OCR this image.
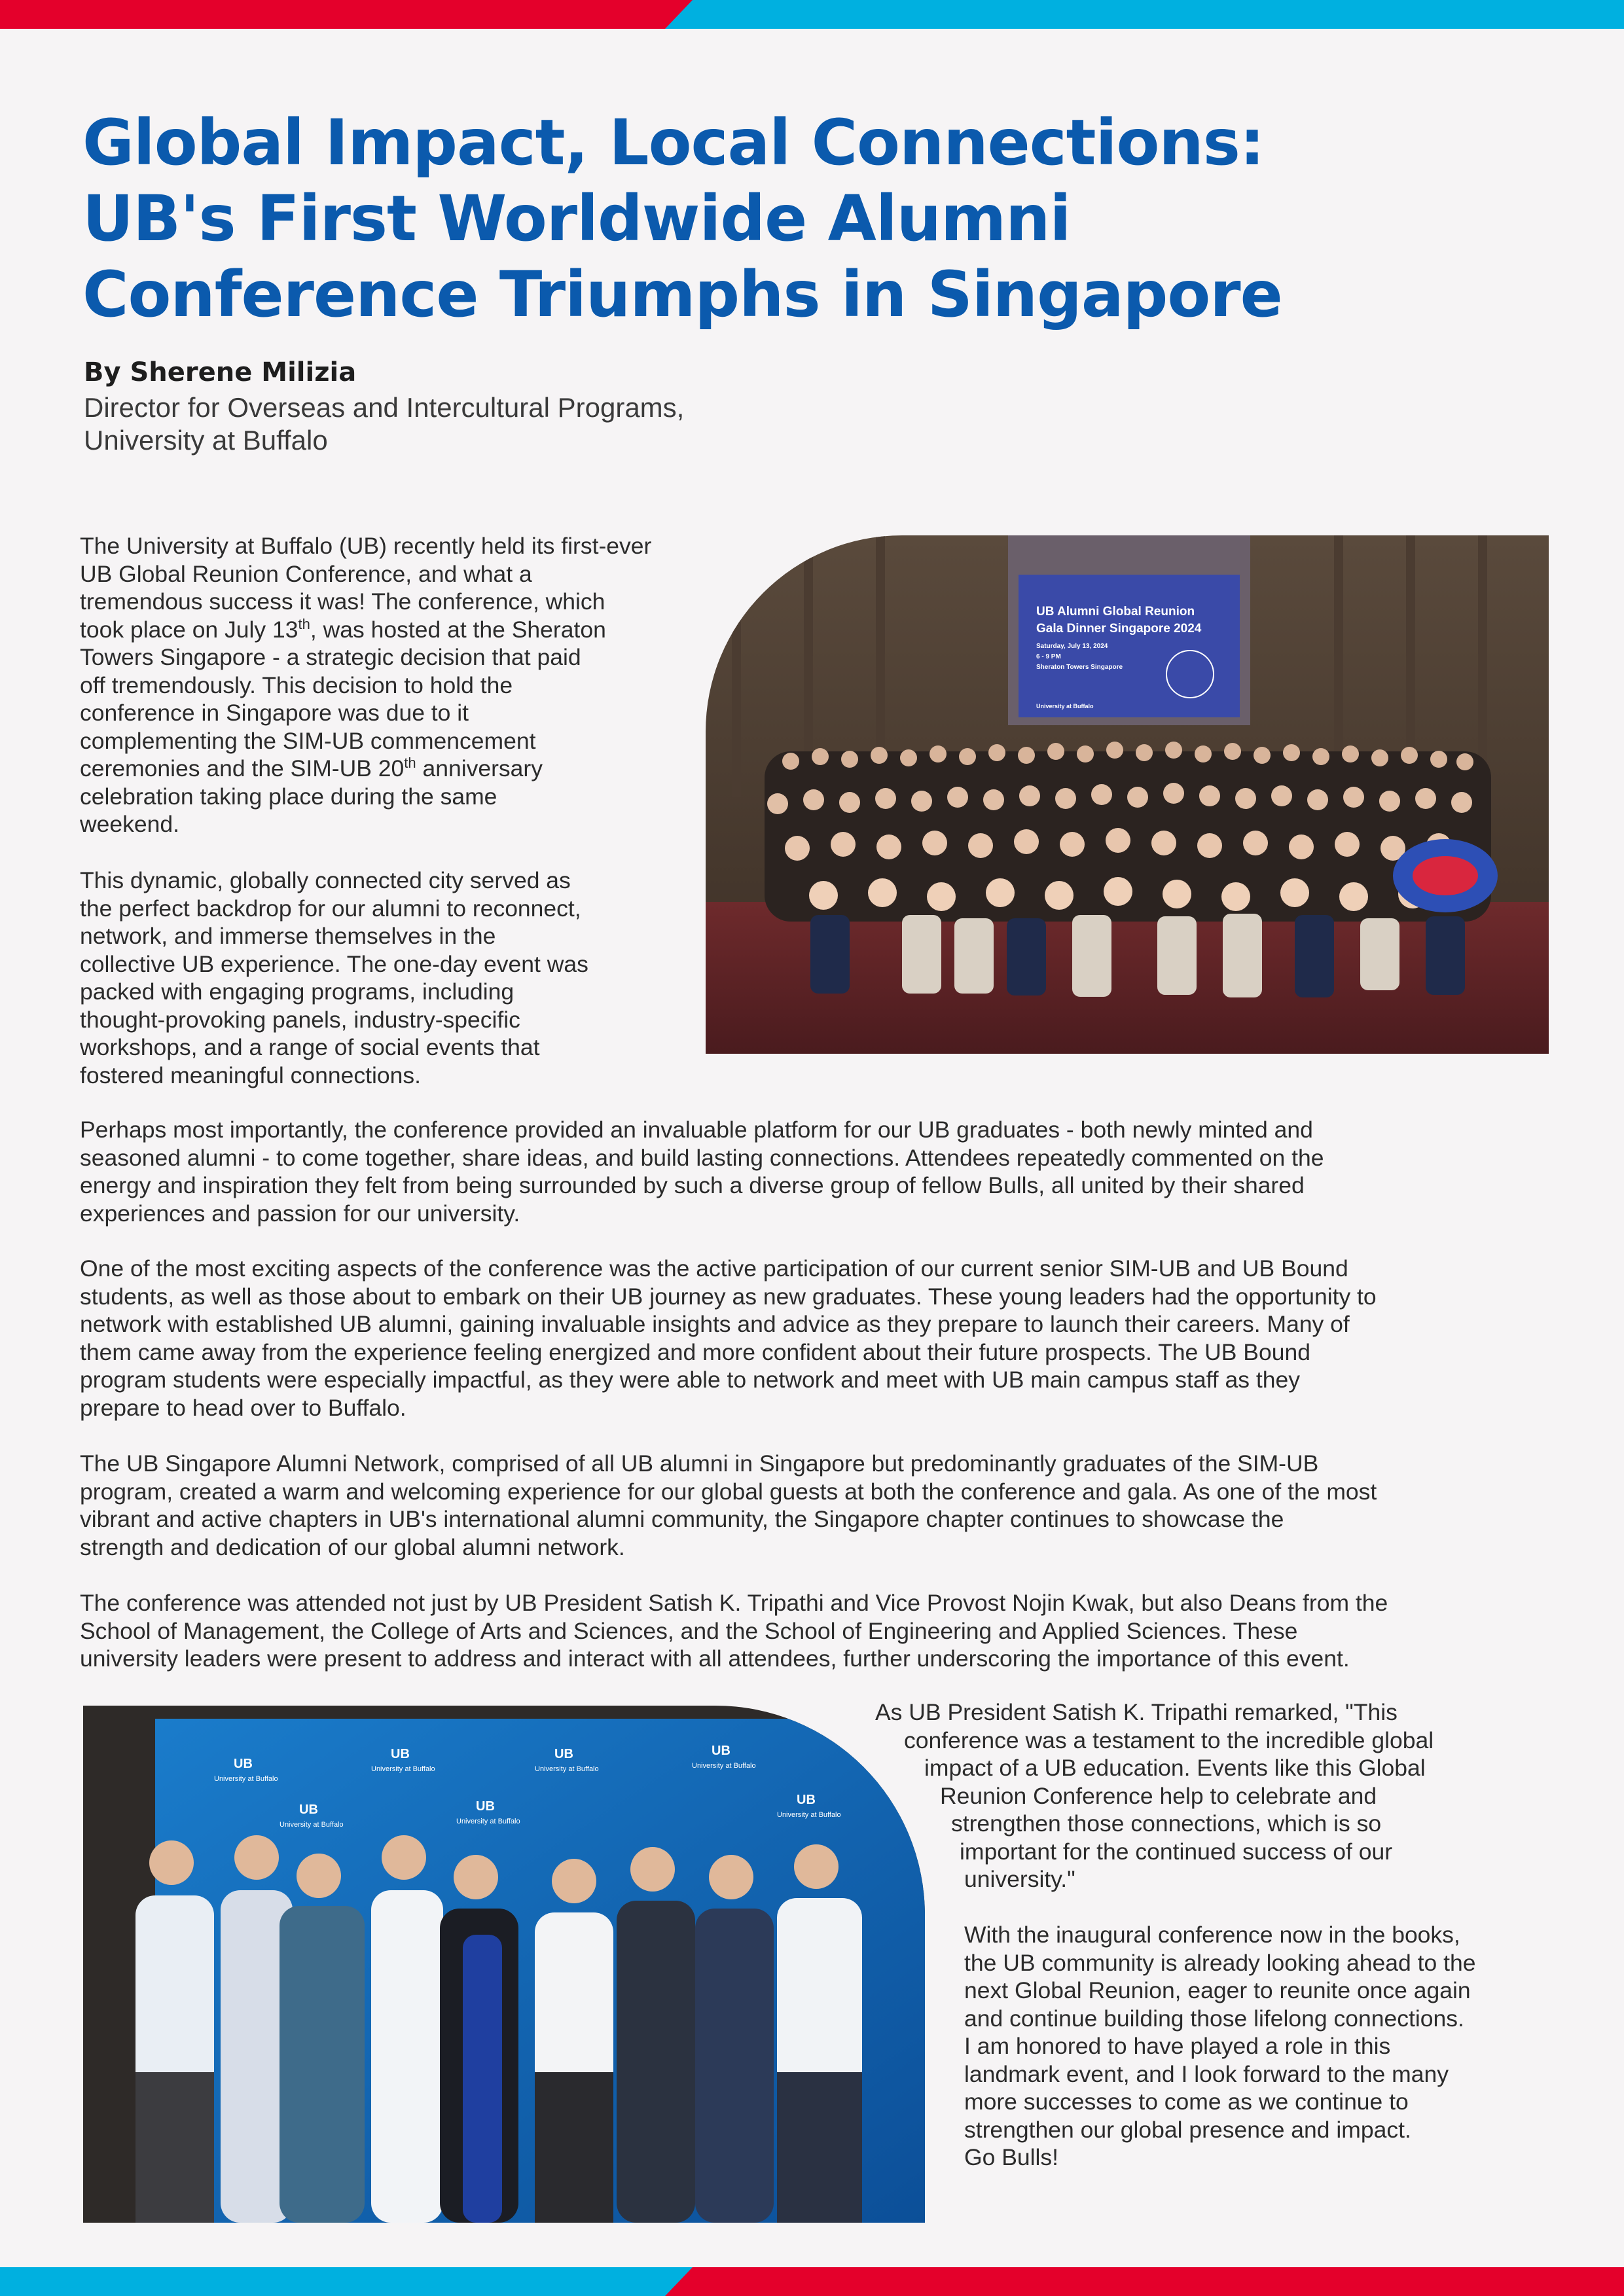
Global Impact, Local Connections:
UB's First Worldwide Alumni
Conference Triumphs in Singapore
By Sherene Milizia
Director for Overseas and Intercultural Programs,
University at Buffalo
The University at Buffalo (UB) recently held its first-ever
UB Global Reunion Conference, and what a
tremendous success it was! The conference, which
took place on July 13th, was hosted at the Sheraton
Towers Singapore - a strategic decision that paid
off tremendously. This decision to hold the
conference in Singapore was due to it
complementing the SIM-UB commencement
ceremonies and the SIM-UB 20th anniversary
celebration taking place during the same
weekend.
This dynamic, globally connected city served as
the perfect backdrop for our alumni to reconnect,
network, and immerse themselves in the
collective UB experience. The one-day event was
packed with engaging programs, including
thought-provoking panels, industry-specific
workshops, and a range of social events that
fostered meaningful connections.
UB Alumni Global Reunion
Gala Dinner Singapore 2024
Saturday, July 13, 2024
6 - 9 PM
Sheraton Towers Singapore
University at Buffalo
Perhaps most importantly, the conference provided an invaluable platform for our UB graduates - both newly minted and
seasoned alumni - to come together, share ideas, and build lasting connections. Attendees repeatedly commented on the
energy and inspiration they felt from being surrounded by such a diverse group of fellow Bulls, all united by their shared
experiences and passion for our university.
One of the most exciting aspects of the conference was the active participation of our current senior SIM-UB and UB Bound
students, as well as those about to embark on their UB journey as new graduates. These young leaders had the opportunity to
network with established UB alumni, gaining invaluable insights and advice as they prepare to launch their careers. Many of
them came away from the experience feeling energized and more confident about their future prospects. The UB Bound
program students were especially impactful, as they were able to network and meet with UB main campus staff as they
prepare to head over to Buffalo.
The UB Singapore Alumni Network, comprised of all UB alumni in Singapore but predominantly graduates of the SIM-UB
program, created a warm and welcoming experience for our global guests at both the conference and gala. As one of the most
vibrant and active chapters in UB's international alumni community, the Singapore chapter continues to showcase the
strength and dedication of our global alumni network.
The conference was attended not just by UB President Satish K. Tripathi and Vice Provost Nojin Kwak, but also Deans from the
School of Management, the College of Arts and Sciences, and the School of Engineering and Applied Sciences. These
university leaders were present to address and interact with all attendees, further underscoring the importance of this event.
UB
University at Buffalo
UB
University at Buffalo
UB
University at Buffalo
UB
University at Buffalo
UB
University at Buffalo
UB
University at Buffalo
UB
University at Buffalo
As UB President Satish K. Tripathi remarked, "This
conference was a testament to the incredible global
impact of a UB education. Events like this Global
Reunion Conference help to celebrate and
strengthen those connections, which is so
important for the continued success of our
university."
With the inaugural conference now in the books,
the UB community is already looking ahead to the
next Global Reunion, eager to reunite once again
and continue building those lifelong connections.
I am honored to have played a role in this
landmark event, and I look forward to the many
more successes to come as we continue to
strengthen our global presence and impact.
Go Bulls!
